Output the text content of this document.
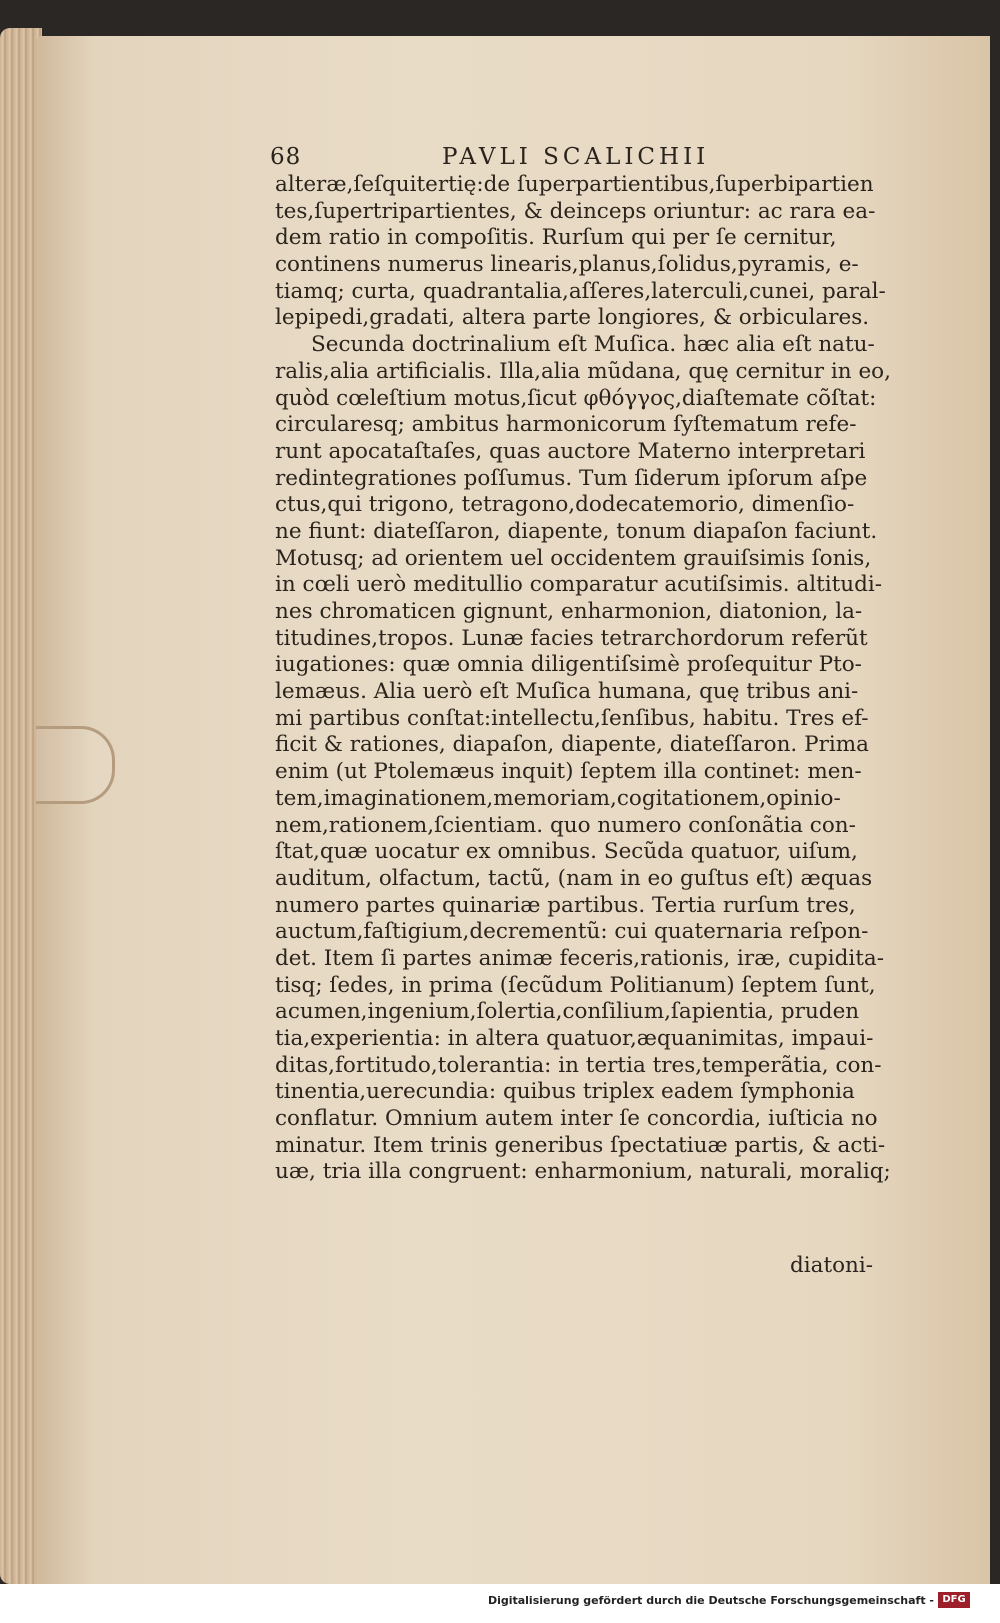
68	PAVLI SCALICHII
alteræ,ſeſquitertię:de ſuperpartientibus,ſuperbipartien
tes,ſupertripartientes, & deinceps oriuntur: ac rara ea-
dem ratio in compoſitis. Rurſum qui per ſe cernitur,
continens numerus linearis,planus,ſolidus,pyramis, e-
tiamq; curta, quadrantalia,aſſeres,laterculi,cunei, paral-
lepipedi,gradati, altera parte longiores, & orbiculares.
Secunda doctrinalium eſt Muſica. hæc alia eſt natu-
ralis,alia artificialis. Illa,alia mũdana, quę cernitur in eo,
quòd cœleſtium motus,ſicut φθόγγος,diaſtemate cõſtat:
circularesq; ambitus harmonicorum ſyſtematum refe-
runt apocataſtaſes, quas auctore Materno interpretari
redintegrationes poſſumus. Tum ſiderum ipſorum aſpe
ctus,qui trigono, tetragono,dodecatemorio, dimenſio-
ne fiunt: diateſſaron, diapente, tonum diapaſon faciunt.
Motusq; ad orientem uel occidentem grauiſsimis ſonis,
in cœli uerò meditullio comparatur acutiſsimis. altitudi-
nes chromaticen gignunt, enharmonion, diatonion, la-
titudines,tropos. Lunæ facies tetrarchordorum referũt
iugationes: quæ omnia diligentiſsimè proſequitur Pto-
lemæus. Alia uerò eſt Muſica humana, quę tribus ani-
mi partibus conſtat:intellectu,ſenſibus, habitu. Tres ef-
ficit & rationes, diapaſon, diapente, diateſſaron. Prima
enim (ut Ptolemæus inquit) ſeptem illa continet: men-
tem,imaginationem,memoriam,cogitationem,opinio-
nem,rationem,ſcientiam. quo numero conſonãtia con-
ſtat,quæ uocatur ex omnibus. Secũda quatuor, uiſum,
auditum, olfactum, tactũ, (nam in eo guſtus eſt) æquas
numero partes quinariæ partibus. Tertia rurſum tres,
auctum,faſtigium,decrementũ: cui quaternaria reſpon-
det. Item ſi partes animæ feceris,rationis, iræ, cupidita-
tisq; ſedes, in prima (ſecũdum Politianum) ſeptem ſunt,
acumen,ingenium,ſolertia,conſilium,ſapientia, pruden
tia,experientia: in altera quatuor,æquanimitas, impaui-
ditas,fortitudo,tolerantia: in tertia tres,temperãtia, con-
tinentia,uerecundia: quibus triplex eadem ſymphonia
conflatur. Omnium autem inter ſe concordia, iuſticia no
minatur. Item trinis generibus ſpectatiuæ partis, & acti-
uæ, tria illa congruent: enharmonium, naturali, moraliq;
diatoni-
Digitalisierung gefördert durch die Deutsche Forschungsgemeinschaft - DFG
